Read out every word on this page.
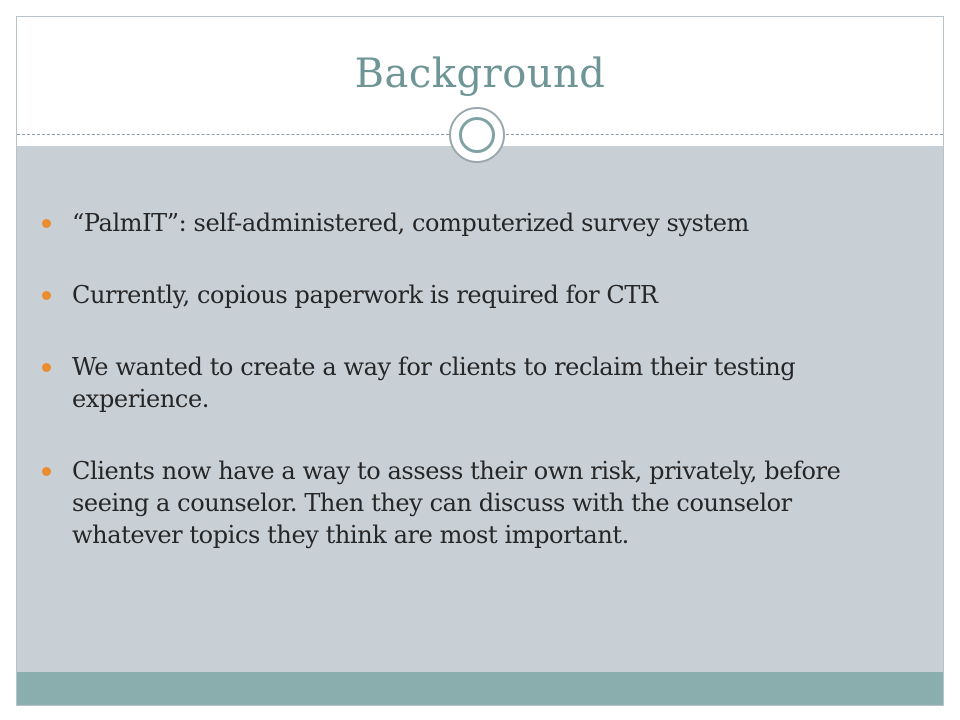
Background
“PalmIT”: self-administered, computerized survey system
Currently, copious paperwork is required for CTR
We wanted to create a way for clients to reclaim their testing experience.
Clients now have a way to assess their own risk, privately, before seeing a counselor. Then they can discuss with the counselor whatever topics they think are most important.
